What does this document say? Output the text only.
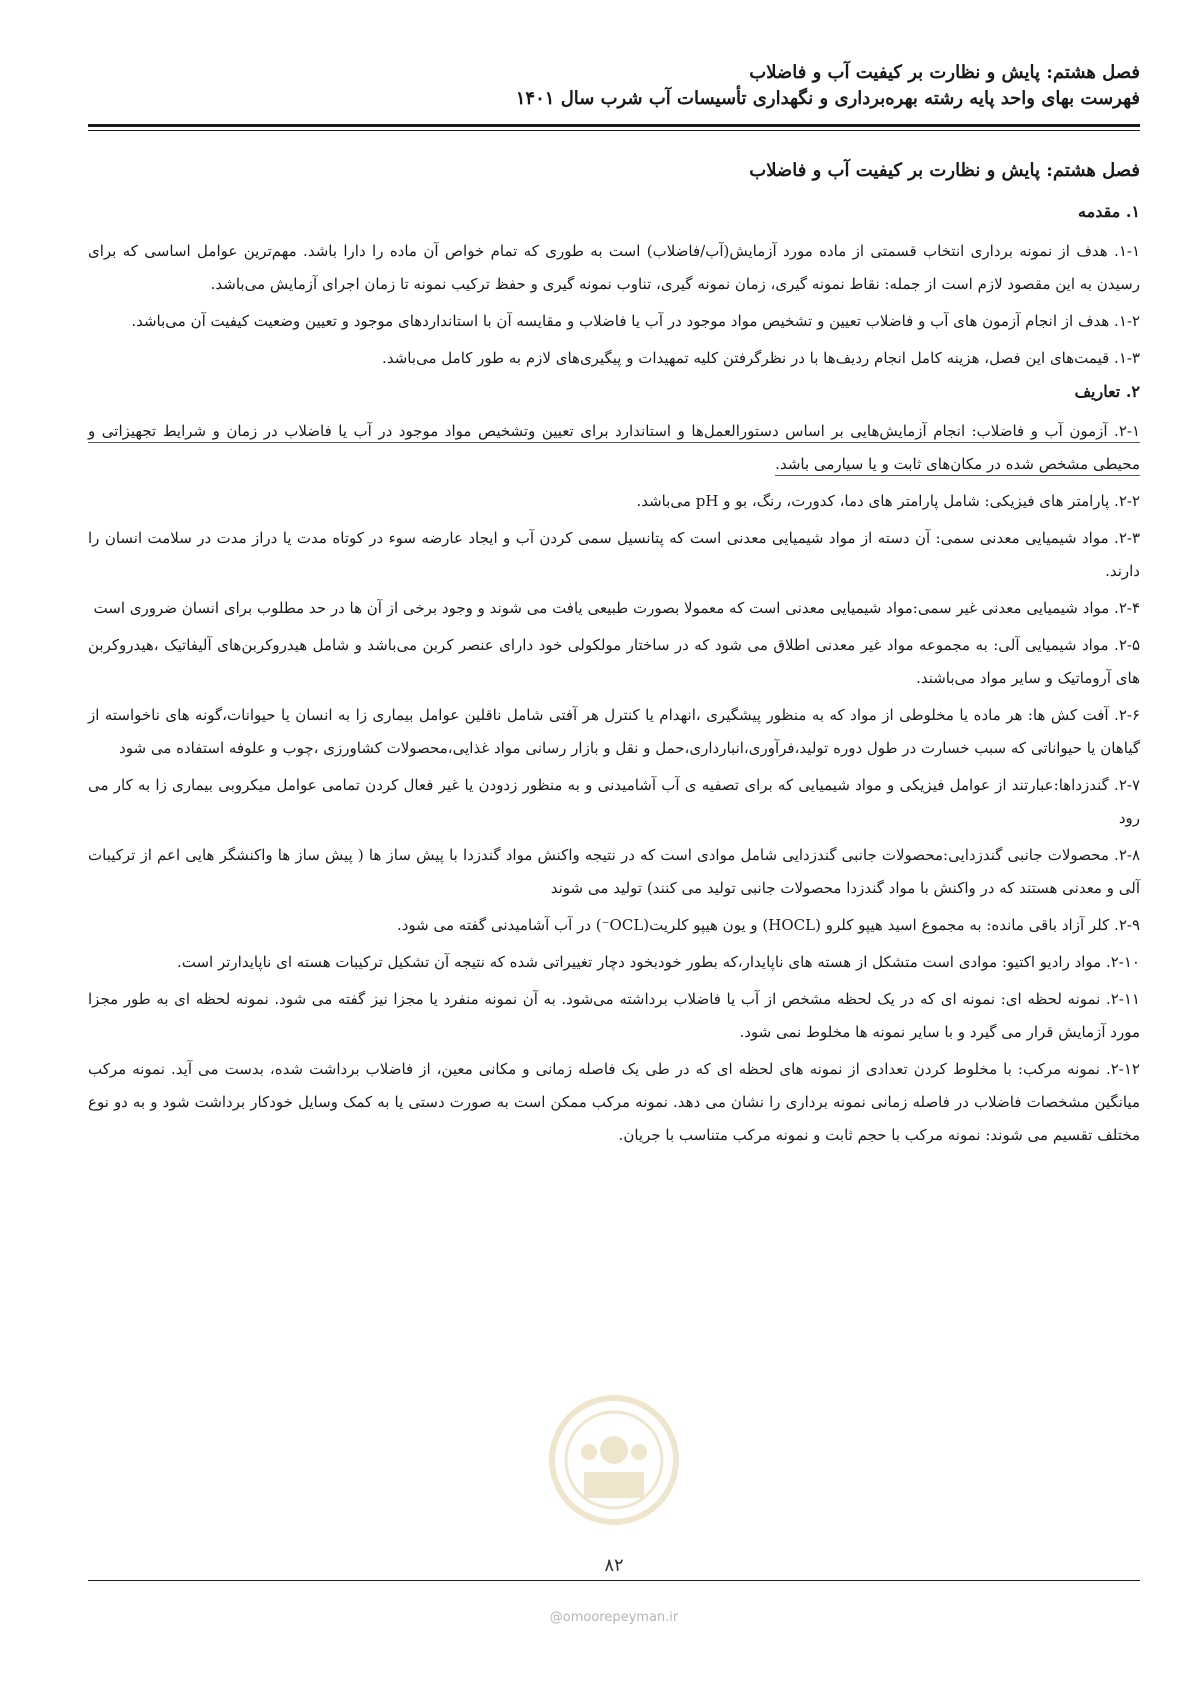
فصل هشتم: پایش و نظارت بر کیفیت آب و فاضلاب
فهرست بهای واحد پایه رشته بهره‌برداری و نگهداری تأسیسات آب شرب سال ۱۴۰۱
فصل هشتم: پایش و نظارت بر کیفیت آب و فاضلاب
۱. مقدمه

۱-۱. هدف از نمونه برداری انتخاب قسمتی از ماده مورد آزمایش(آب/فاضلاب) است به طوری که تمام خواص آن ماده را دارا باشد. مهم‌ترین عوامل اساسی که برای رسیدن به این مقصود لازم است از جمله: نقاط نمونه گیری، زمان نمونه گیری، تناوب نمونه گیری و حفظ ترکیب نمونه تا زمان اجرای آزمایش می‌باشد.

۱-۲. هدف از انجام آزمون های آب و فاضلاب تعیین و تشخیص مواد موجود در آب یا فاضلاب و مقایسه آن با استانداردهای موجود و تعیین وضعیت کیفیت آن می‌باشد.

۱-۳. قیمت‌های این فصل، هزینه کامل انجام ردیف‌ها با در نظرگرفتن کلیه تمهیدات و پیگیری‌های لازم به طور کامل می‌باشد.

۲. تعاریف

۲-۱. آزمون آب و فاضلاب: انجام آزمایش‌هایی بر اساس دستورالعمل‌ها و استاندارد برای تعیین وتشخیص مواد موجود در آب یا فاضلاب در زمان و شرایط تجهیزاتی و محیطی مشخص شده در مکان‌های ثابت و یا سیارمی باشد.

۲-۲. پارامتر های فیزیکی: شامل پارامتر های دما، کدورت، رنگ، بو و pH می‌باشد.

۲-۳. مواد شیمیایی معدنی سمی: آن دسته از مواد شیمیایی معدنی است که پتانسیل سمی کردن آب و ایجاد عارضه سوء در کوتاه مدت یا دراز مدت در سلامت انسان را دارند.

۲-۴. مواد شیمیایی معدنی غیر سمی:مواد شیمیایی معدنی است که معمولا بصورت طبیعی یافت می شوند و وجود برخی از آن ها در حد مطلوب برای انسان ضروری است

۲-۵. مواد شیمیایی آلی: به مجموعه مواد غیر معدنی اطلاق می شود که در ساختار مولکولی خود دارای عنصر کربن می‌باشد و شامل هیدروکربن‌های آلیفاتیک ،هیدروکربن های آروماتیک و سایر مواد می‌باشند.

۲-۶. آفت کش ها: هر ماده یا مخلوطی از مواد که به منظور پیشگیری ،انهدام یا کنترل هر آفتی شامل ناقلین عوامل بیماری زا به انسان یا حیوانات،گونه های ناخواسته از گیاهان یا حیواناتی که سبب خسارت در طول دوره تولید،فرآوری،انبارداری،حمل و نقل و بازار رسانی مواد غذایی،محصولات کشاورزی ،چوب و علوفه استفاده می شود

۲-۷. گندزداها:عبارتند از عوامل فیزیکی و مواد شیمیایی که برای تصفیه ی آب آشامیدنی و به منظور زدودن یا غیر فعال کردن تمامی عوامل میکروبی بیماری زا به کار می رود

۲-۸. محصولات جانبی گندزدایی:محصولات جانبی گندزدایی شامل موادی است که در نتیجه واکنش مواد گندزدا با پیش ساز ها ( پیش ساز ها واکنشگر هایی اعم از ترکیبات آلی و معدنی هستند که در واکنش با مواد گندزدا محصولات جانبی تولید می کنند) تولید می شوند

۲-۹. کلر آزاد باقی مانده: به مجموع اسید هیپو کلرو (HOCL) و یون هیپو کلریت(OCL⁻) در آب آشامیدنی گفته می شود.

۲-۱۰. مواد رادیو اکتیو: موادی است متشکل از هسته های ناپایدار،که بطور خودبخود دچار تغییراتی شده که نتیجه آن تشکیل ترکیبات هسته ای ناپایدارتر است.

۲-۱۱. نمونه لحظه ای: نمونه ای که در یک لحظه مشخص از آب یا فاضلاب برداشته می‌شود. به آن نمونه منفرد یا مجزا نیز گفته می شود. نمونه لحظه ای به طور مجزا مورد آزمایش قرار می گیرد و با سایر نمونه ها مخلوط نمی شود.

۲-۱۲. نمونه مرکب: با مخلوط کردن تعدادی از نمونه های لحظه ای که در طی یک فاصله زمانی و مکانی معین، از فاضلاب برداشت شده، بدست می آید. نمونه مرکب میانگین مشخصات فاضلاب در فاصله زمانی نمونه برداری را نشان می دهد. نمونه مرکب ممکن است به صورت دستی یا به کمک وسایل خودکار برداشت شود و به دو نوع مختلف تقسیم می شوند: نمونه مرکب با حجم ثابت و نمونه مرکب متناسب با جریان.

۸۲
@omoorepeyman.ir
